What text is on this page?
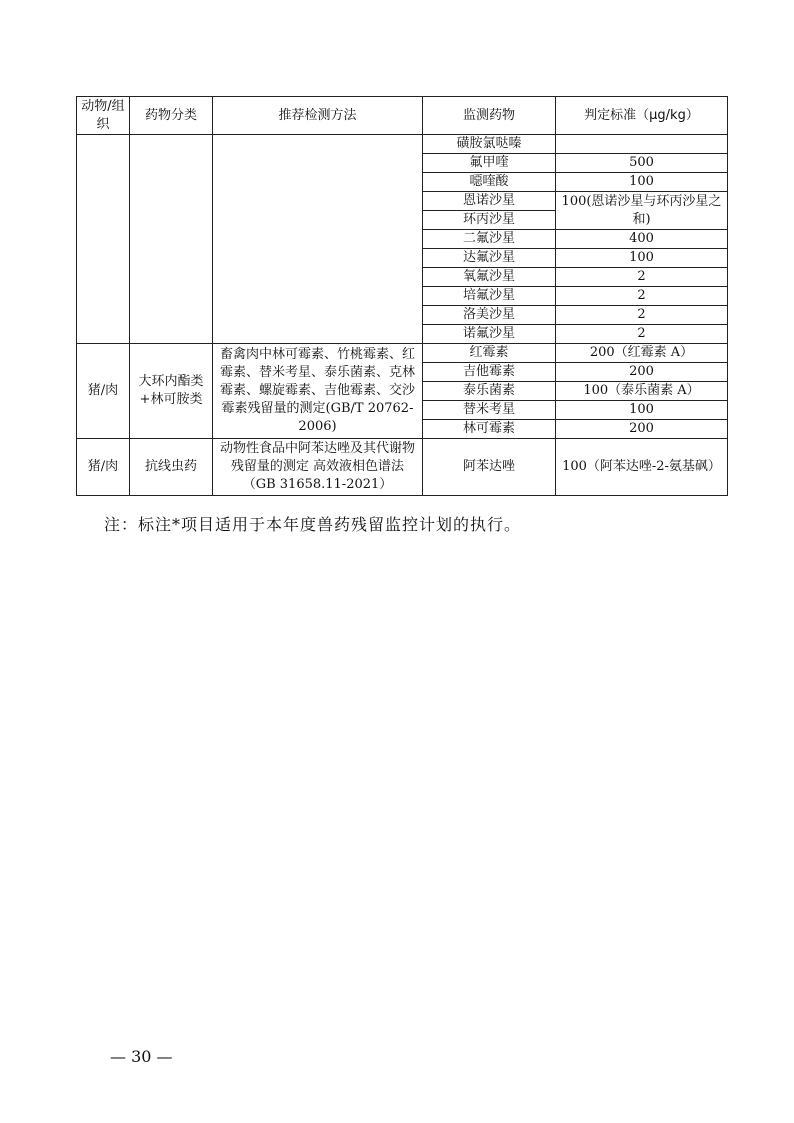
动物/组织	药物分类	推荐检测方法	监测药物	判定标准（μg/kg）
			磺胺氯哒嗪	
			氟甲喹	500
			噁喹酸	100
			恩诺沙星	100(恩诺沙星与环丙沙星之和)
			环丙沙星	
			二氟沙星	400
			达氟沙星	100
			氧氟沙星	2
			培氟沙星	2
			洛美沙星	2
			诺氟沙星	2
猪/肉	大环内酯类+林可胺类	畜禽肉中林可霉素、竹桃霉素、红霉素、替米考星、泰乐菌素、克林霉素、螺旋霉素、吉他霉素、交沙霉素残留量的测定(GB/T 20762-2006)	红霉素	200（红霉素 A）
			吉他霉素	200
			泰乐菌素	100（泰乐菌素 A）
			替米考星	100
			林可霉素	200
猪/肉	抗线虫药	动物性食品中阿苯达唑及其代谢物残留量的测定 高效液相色谱法（GB 31658.11-2021）	阿苯达唑	100（阿苯达唑-2-氨基砜）
注：标注*项目适用于本年度兽药残留监控计划的执行。
— 30 —
